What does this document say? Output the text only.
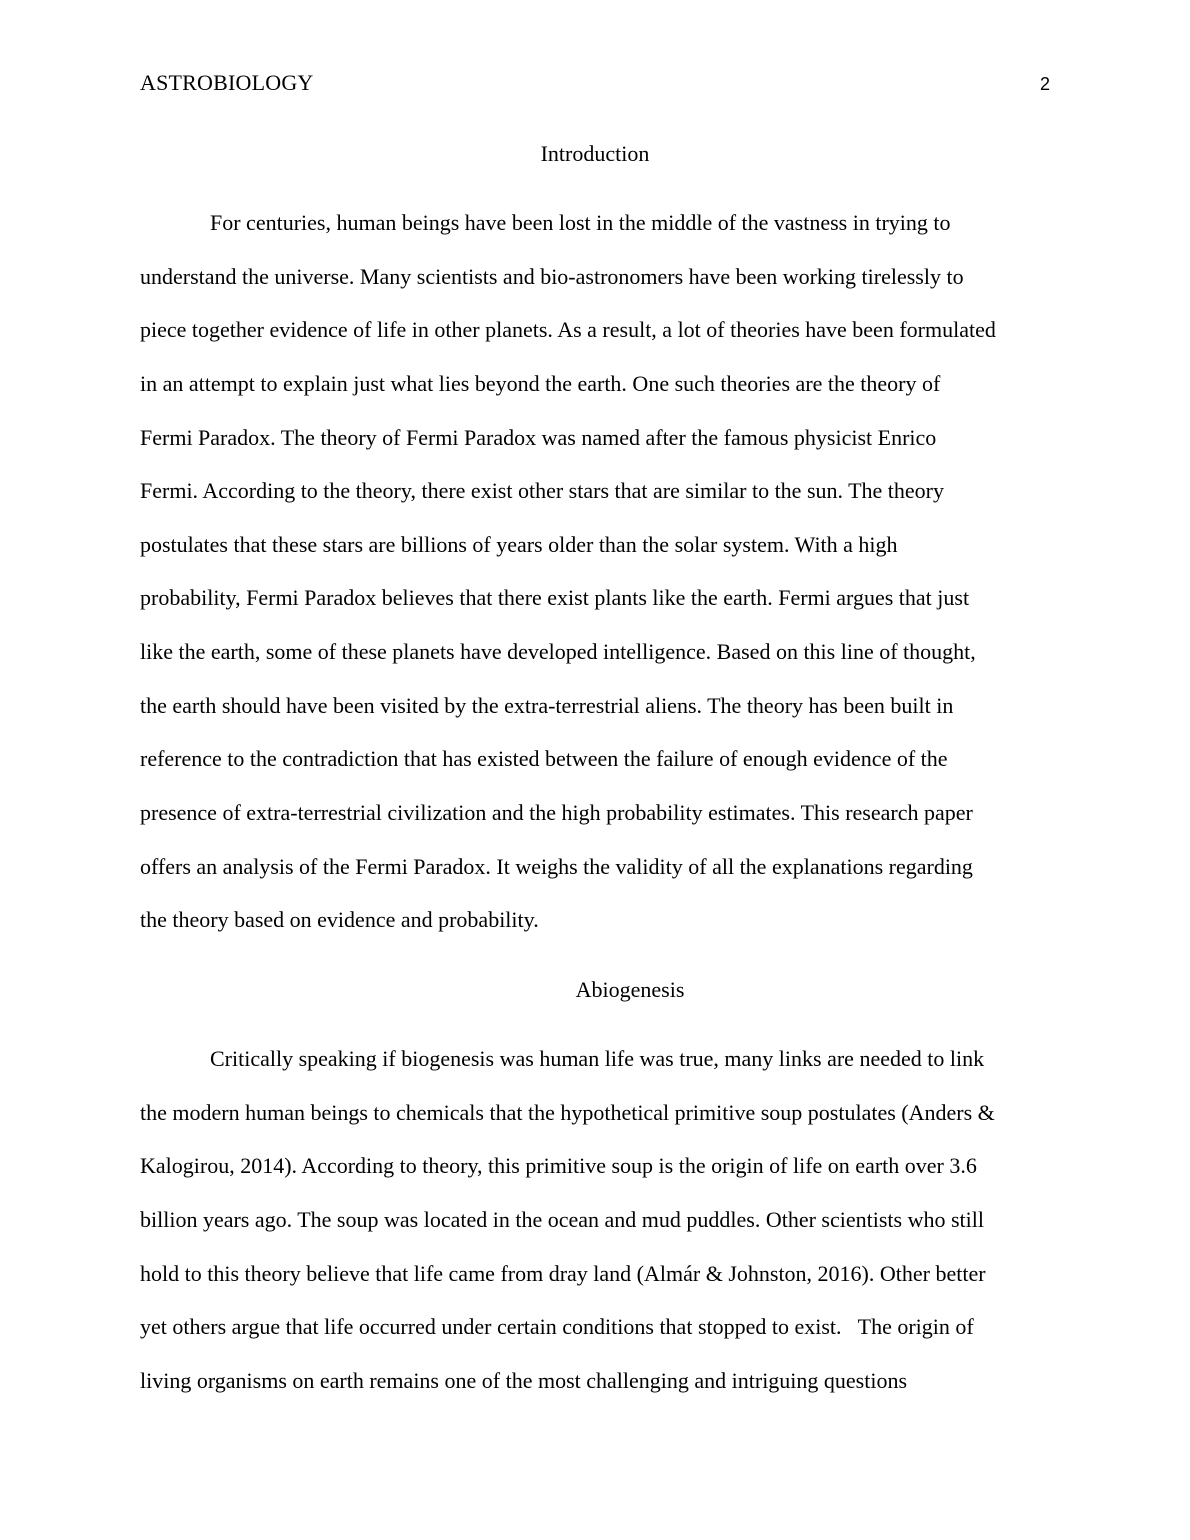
ASTROBIOLOGY	2
Introduction
For centuries, human beings have been lost in the middle of the vastness in trying to
understand the universe. Many scientists and bio-astronomers have been working tirelessly to
piece together evidence of life in other planets. As a result, a lot of theories have been formulated
in an attempt to explain just what lies beyond the earth. One such theories are the theory of
Fermi Paradox. The theory of Fermi Paradox was named after the famous physicist Enrico
Fermi. According to the theory, there exist other stars that are similar to the sun. The theory
postulates that these stars are billions of years older than the solar system. With a high
probability, Fermi Paradox believes that there exist plants like the earth. Fermi argues that just
like the earth, some of these planets have developed intelligence. Based on this line of thought,
the earth should have been visited by the extra-terrestrial aliens. The theory has been built in
reference to the contradiction that has existed between the failure of enough evidence of the
presence of extra-terrestrial civilization and the high probability estimates. This research paper
offers an analysis of the Fermi Paradox. It weighs the validity of all the explanations regarding
the theory based on evidence and probability.
Abiogenesis
Critically speaking if biogenesis was human life was true, many links are needed to link
the modern human beings to chemicals that the hypothetical primitive soup postulates (Anders &
Kalogirou, 2014). According to theory, this primitive soup is the origin of life on earth over 3.6
billion years ago. The soup was located in the ocean and mud puddles. Other scientists who still
hold to this theory believe that life came from dray land (Almár & Johnston, 2016). Other better
yet others argue that life occurred under certain conditions that stopped to exist.   The origin of
living organisms on earth remains one of the most challenging and intriguing questions
